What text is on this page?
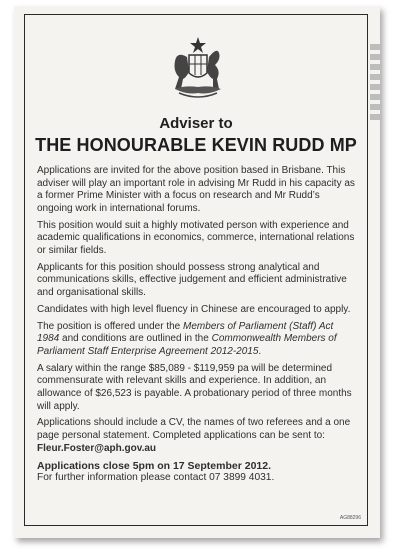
Adviser to
THE HONOURABLE KEVIN RUDD MP

Applications are invited for the above position based in Brisbane. This adviser will play an important role in advising Mr Rudd in his capacity as a former Prime Minister with a focus on research and Mr Rudd’s ongoing work in international forums.

This position would suit a highly motivated person with experience and academic qualifications in economics, commerce, international relations or similar fields.

Applicants for this position should possess strong analytical and communications skills, effective judgement and efficient administrative and organisational skills.

Candidates with high level fluency in Chinese are encouraged to apply.

The position is offered under the Members of Parliament (Staff) Act 1984 and conditions are outlined in the Commonwealth Members of Parliament Staff Enterprise Agreement 2012-2015.

A salary within the range $85,089 - $119,959 pa will be determined commensurate with relevant skills and experience. In addition, an allowance of $26,523 is payable. A probationary period of three months will apply.

Applications should include a CV, the names of two referees and a one page personal statement. Completed applications can be sent to: Fleur.Foster@aph.gov.au

Applications close 5pm on 17 September 2012.
For further information please contact 07 3899 4031.
AG88296
